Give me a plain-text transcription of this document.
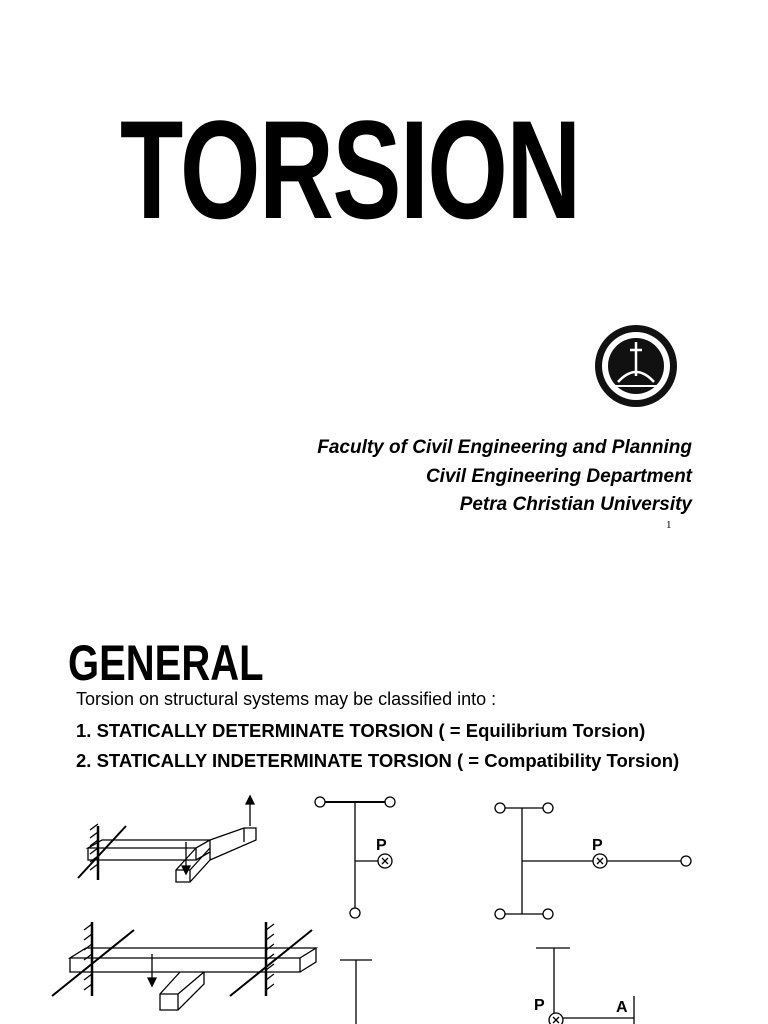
TORSION
Faculty of Civil Engineering and Planning
Civil Engineering Department
Petra Christian University
1
GENERAL
Torsion on structural systems may be classified into :
1. STATICALLY DETERMINATE TORSION ( = Equilibrium Torsion)
2. STATICALLY INDETERMINATE TORSION ( = Compatibility Torsion)
P	P
P	A
